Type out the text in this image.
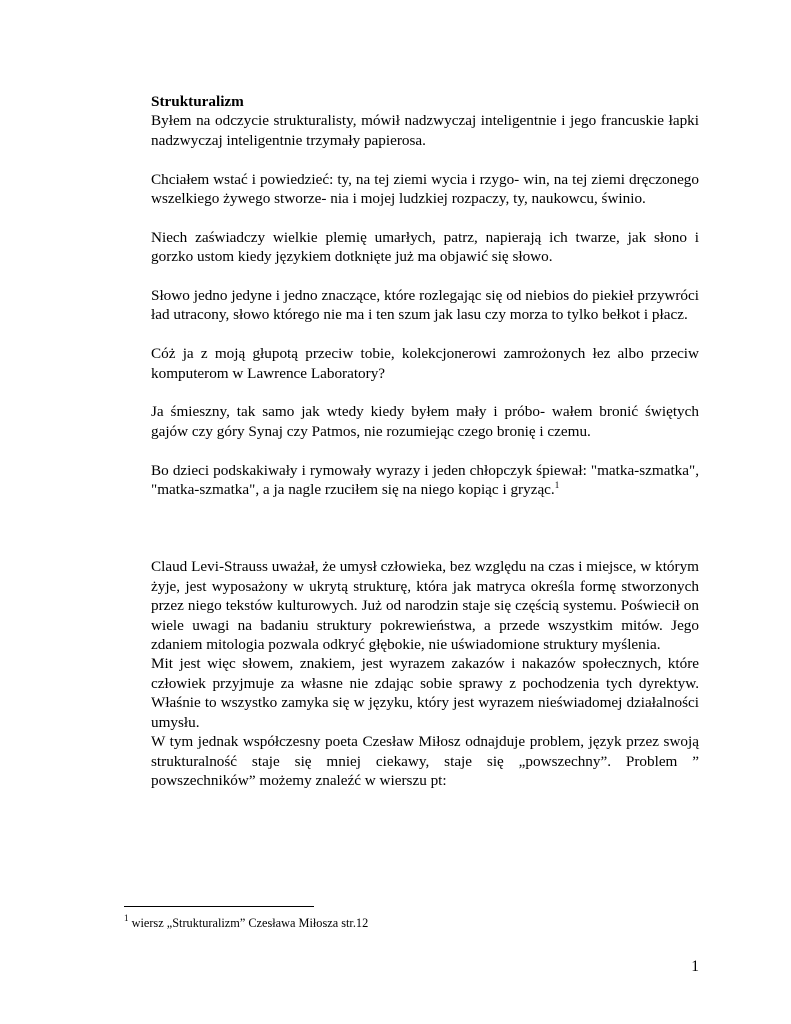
Strukturalizm

Byłem na odczycie strukturalisty, mówił nadzwyczaj inteligentnie i jego francuskie łapki nadzwyczaj inteligentnie trzymały papierosa.

Chciałem wstać i powiedzieć: ty, na tej ziemi wycia i rzygo- win, na tej ziemi dręczonego wszelkiego żywego stworze- nia i mojej ludzkiej rozpaczy, ty, naukowcu, świnio.

Niech zaświadczy wielkie plemię umarłych, patrz, napierają ich twarze, jak słono i gorzko ustom kiedy językiem dotknięte już ma objawić się słowo.

Słowo jedno jedyne i jedno znaczące, które rozlegając się od niebios do piekieł przywróci ład utracony, słowo którego nie ma i ten szum jak lasu czy morza to tylko bełkot i płacz.

Cóż ja z moją głupotą przeciw tobie, kolekcjonerowi zamrożonych łez albo przeciw komputerom w Lawrence Laboratory?

Ja śmieszny, tak samo jak wtedy kiedy byłem mały i próbo- wałem bronić świętych gajów czy góry Synaj czy Patmos, nie rozumiejąc czego bronię i czemu.

Bo dzieci podskakiwały i rymowały wyrazy i jeden chłopczyk śpiewał: "matka-szmatka", "matka-szmatka", a ja nagle rzuciłem się na niego kopiąc i gryząc.$^1$

Claud Levi-Strauss uważał, że umysł człowieka, bez względu na czas i miejsce, w którym żyje, jest wyposażony w ukrytą strukturę, która jak matryca określa formę stworzonych przez niego tekstów kulturowych. Już od narodzin staje się częścią systemu. Poświecił on wiele uwagi na badaniu struktury pokrewieństwa, a przede wszystkim mitów. Jego zdaniem mitologia pozwala odkryć głębokie, nie uświadomione struktury myślenia.

Mit jest więc słowem, znakiem, jest wyrazem zakazów i nakazów społecznych, które człowiek przyjmuje za własne nie zdając sobie sprawy z pochodzenia tych dyrektyw. Właśnie to wszystko zamyka się w języku, który jest wyrazem nieświadomej działalności umysłu.

W tym jednak współczesny poeta Czesław Miłosz odnajduje problem, język przez swoją strukturalność staje się mniej ciekawy, staje się „powszechny”. Problem ” powszechników” możemy znaleźć w wierszu pt:

$^1$ wiersz „Strukturalizm” Czesława Miłosza str.12
1
